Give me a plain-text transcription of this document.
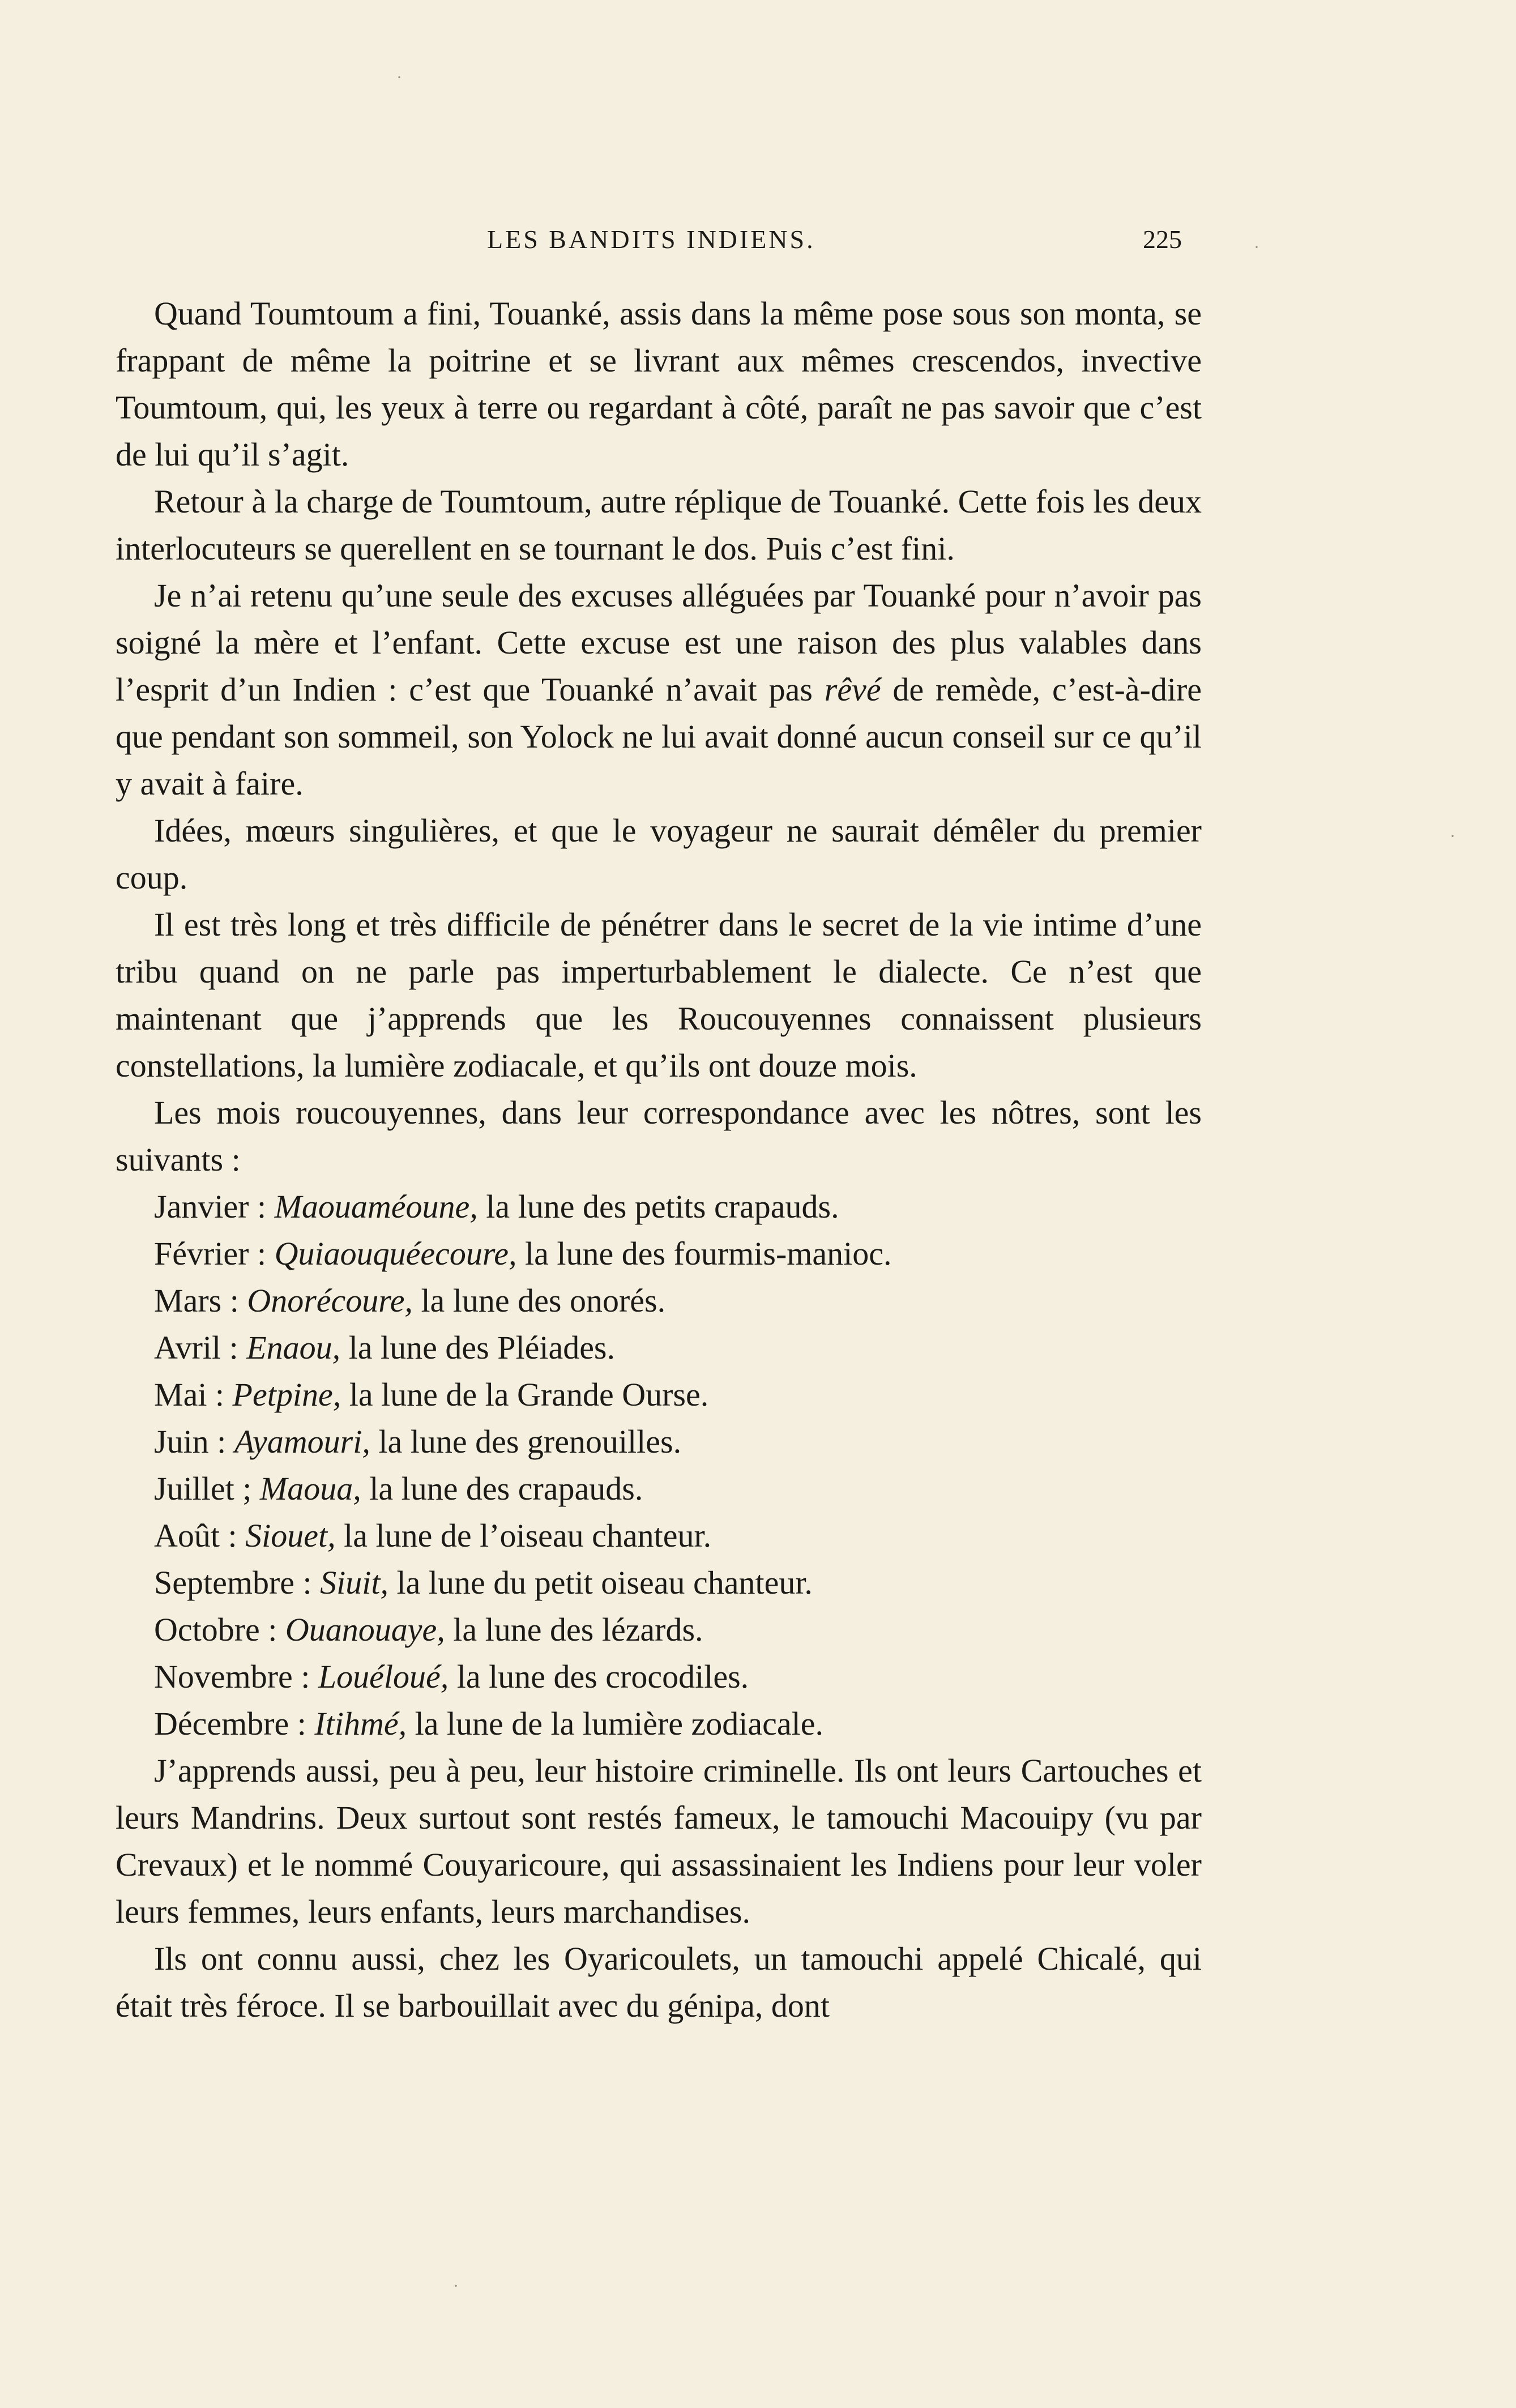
LES BANDITS INDIENS.	225

Quand Toumtoum a fini, Touanké, assis dans la même pose sous son monta, se frappant de même la poitrine et se livrant aux mêmes crescendos, invective Toumtoum, qui, les yeux à terre ou regardant à côté, paraît ne pas savoir que c’est de lui qu’il s’agit.

Retour à la charge de Toumtoum, autre réplique de Touanké. Cette fois les deux interlocuteurs se querellent en se tournant le dos. Puis c’est fini.

Je n’ai retenu qu’une seule des excuses alléguées par Touanké pour n’avoir pas soigné la mère et l’enfant. Cette excuse est une raison des plus valables dans l’esprit d’un Indien : c’est que Touanké n’avait pas rêvé de remède, c’est-à-dire que pendant son sommeil, son Yolock ne lui avait donné aucun conseil sur ce qu’il y avait à faire.

Idées, mœurs singulières, et que le voyageur ne saurait démêler du premier coup.

Il est très long et très difficile de pénétrer dans le secret de la vie intime d’une tribu quand on ne parle pas imperturbablement le dialecte. Ce n’est que maintenant que j’apprends que les Roucouyennes connaissent plusieurs constellations, la lumière zodiacale, et qu’ils ont douze mois.

Les mois roucouyennes, dans leur correspondance avec les nôtres, sont les suivants :

Janvier : Maouaméoune, la lune des petits crapauds.
Février : Quiaouquéecoure, la lune des fourmis-manioc.
Mars : Onorécoure, la lune des onorés.
Avril : Enaou, la lune des Pléiades.
Mai : Petpine, la lune de la Grande Ourse.
Juin : Ayamouri, la lune des grenouilles.
Juillet ; Maoua, la lune des crapauds.
Août : Siouet, la lune de l’oiseau chanteur.
Septembre : Siuit, la lune du petit oiseau chanteur.
Octobre : Ouanouaye, la lune des lézards.
Novembre : Louéloué, la lune des crocodiles.
Décembre : Itihmé, la lune de la lumière zodiacale.

J’apprends aussi, peu à peu, leur histoire criminelle. Ils ont leurs Cartouches et leurs Mandrins. Deux surtout sont restés fameux, le tamouchi Macouipy (vu par Crevaux) et le nommé Couyaricoure, qui assassinaient les Indiens pour leur voler leurs femmes, leurs enfants, leurs marchandises.

Ils ont connu aussi, chez les Oyaricoulets, un tamouchi appelé Chicalé, qui était très féroce. Il se barbouillait avec du génipa, dont

·
·
·
·
